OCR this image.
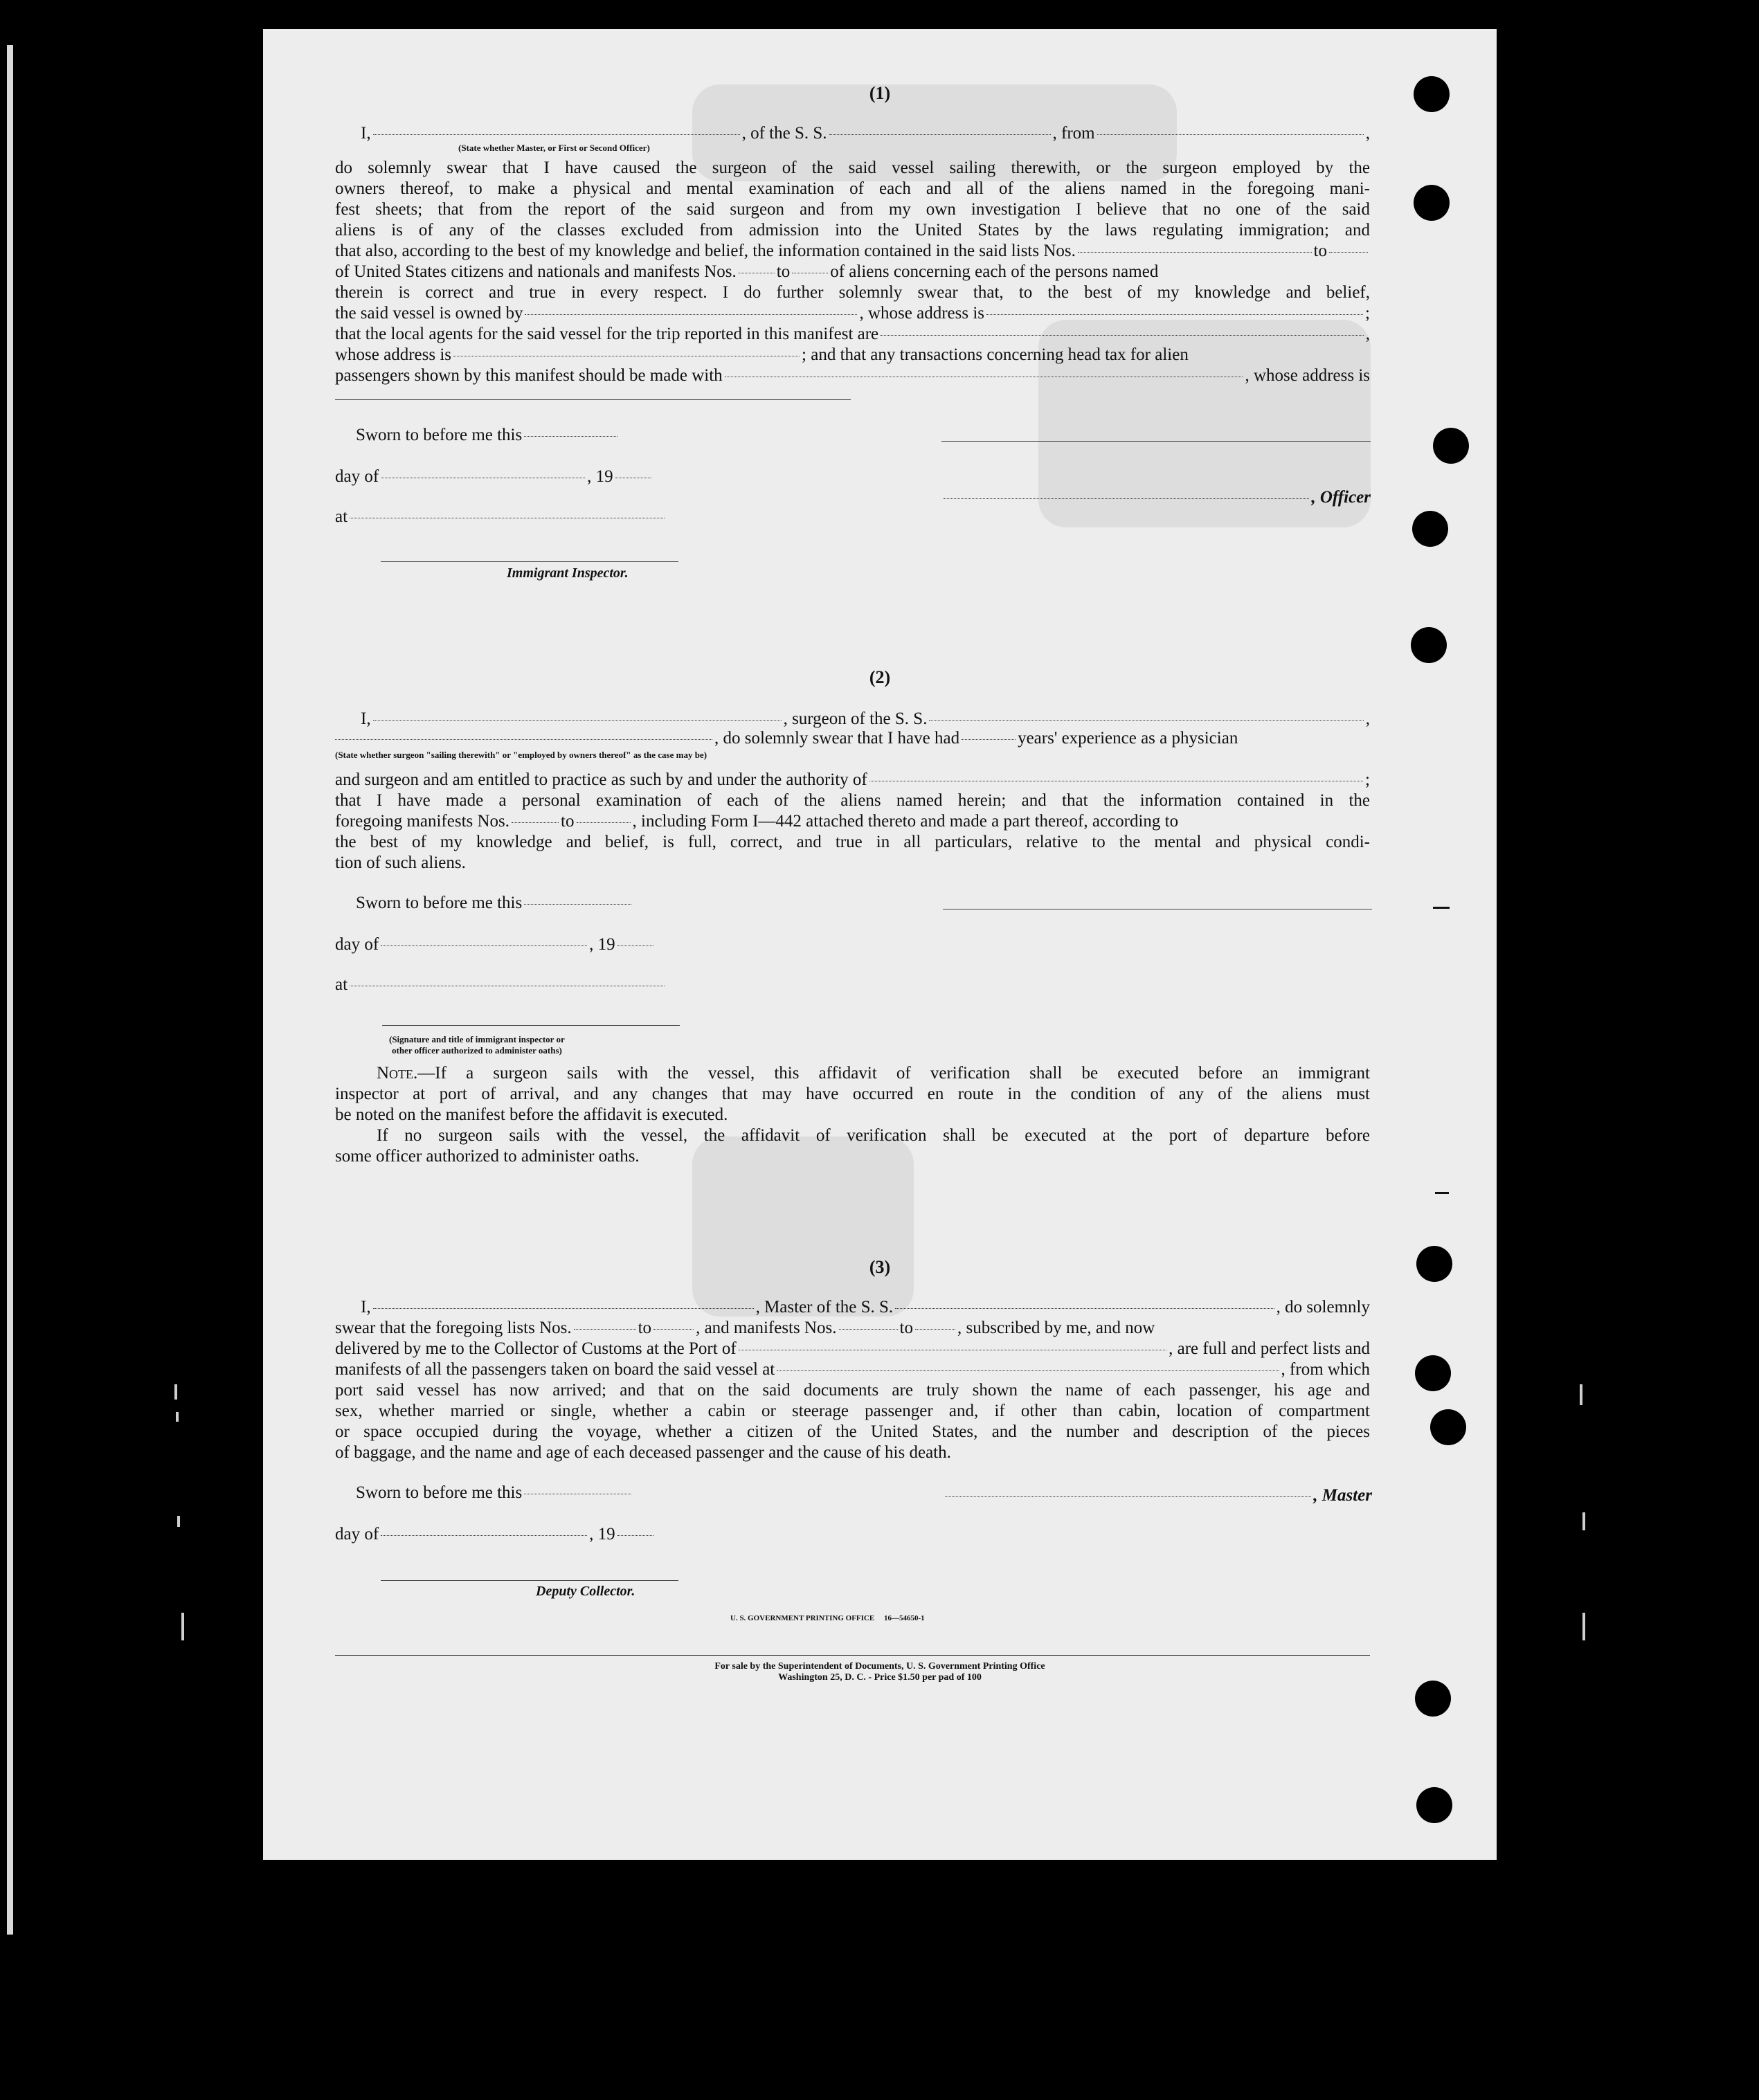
(1)
I,	, of the S. S.	, from	,
(State whether Master, or First or Second Officer)
do solemnly swear that I have caused the surgeon of the said vessel sailing therewith, or the surgeon employed by the
owners thereof, to make a physical and mental examination of each and all of the aliens named in the foregoing mani-
fest sheets; that from the report of the said surgeon and from my own investigation I believe that no one of the said
aliens is of any of the classes excluded from admission into the United States by the laws regulating immigration; and
that also, according to the best of my knowledge and belief, the information contained in the said lists Nos.	to
of United States citizens and nationals and manifests Nos. to of aliens concerning each of the persons named
therein is correct and true in every respect. I do further solemnly swear that, to the best of my knowledge and belief,
the said vessel is owned by	, whose address is	;
that the local agents for the said vessel for the trip reported in this manifest are	,
whose address is	; and that any transactions concerning head tax for alien
passengers shown by this manifest should be made with	, whose address is
Sworn to before me this
day of	, 19
, Officer
at
Immigrant Inspector.
(2)
I,	, surgeon of the S. S.	,
, do solemnly swear that I have had	years' experience as a physician
(State whether surgeon "sailing therewith" or "employed by owners thereof" as the case may be)
and surgeon and am entitled to practice as such by and under the authority of	;
that I have made a personal examination of each of the aliens named herein; and that the information contained in the
foregoing manifests Nos.	to	, including Form I—442 attached thereto and made a part thereof, according to
the best of my knowledge and belief, is full, correct, and true in all particulars, relative to the mental and physical condi-
tion of such aliens.
Sworn to before me this
day of	, 19
at
(Signature and title of immigrant inspector or
other officer authorized to administer oaths)
Note.—If a surgeon sails with the vessel, this affidavit of verification shall be executed before an immigrant
inspector at port of arrival, and any changes that may have occurred en route in the condition of any of the aliens must
be noted on the manifest before the affidavit is executed.
If no surgeon sails with the vessel, the affidavit of verification shall be executed at the port of departure before
some officer authorized to administer oaths.
(3)
I,	, Master of the S. S.	, do solemnly
swear that the foregoing lists Nos.	to	, and manifests Nos.	to	, subscribed by me, and now
delivered by me to the Collector of Customs at the Port of	, are full and perfect lists and
manifests of all the passengers taken on board the said vessel at	, from which
port said vessel has now arrived; and that on the said documents are truly shown the name of each passenger, his age and
sex, whether married or single, whether a cabin or steerage passenger and, if other than cabin, location of compartment
or space occupied during the voyage, whether a citizen of the United States, and the number and description of the pieces
of baggage, and the name and age of each deceased passenger and the cause of his death.
Sworn to before me this	, Master
day of	, 19
Deputy Collector.
U. S. GOVERNMENT PRINTING OFFICE     16—54650-1
For sale by the Superintendent of Documents, U. S. Government Printing Office
Washington 25, D. C. - Price $1.50 per pad of 100
